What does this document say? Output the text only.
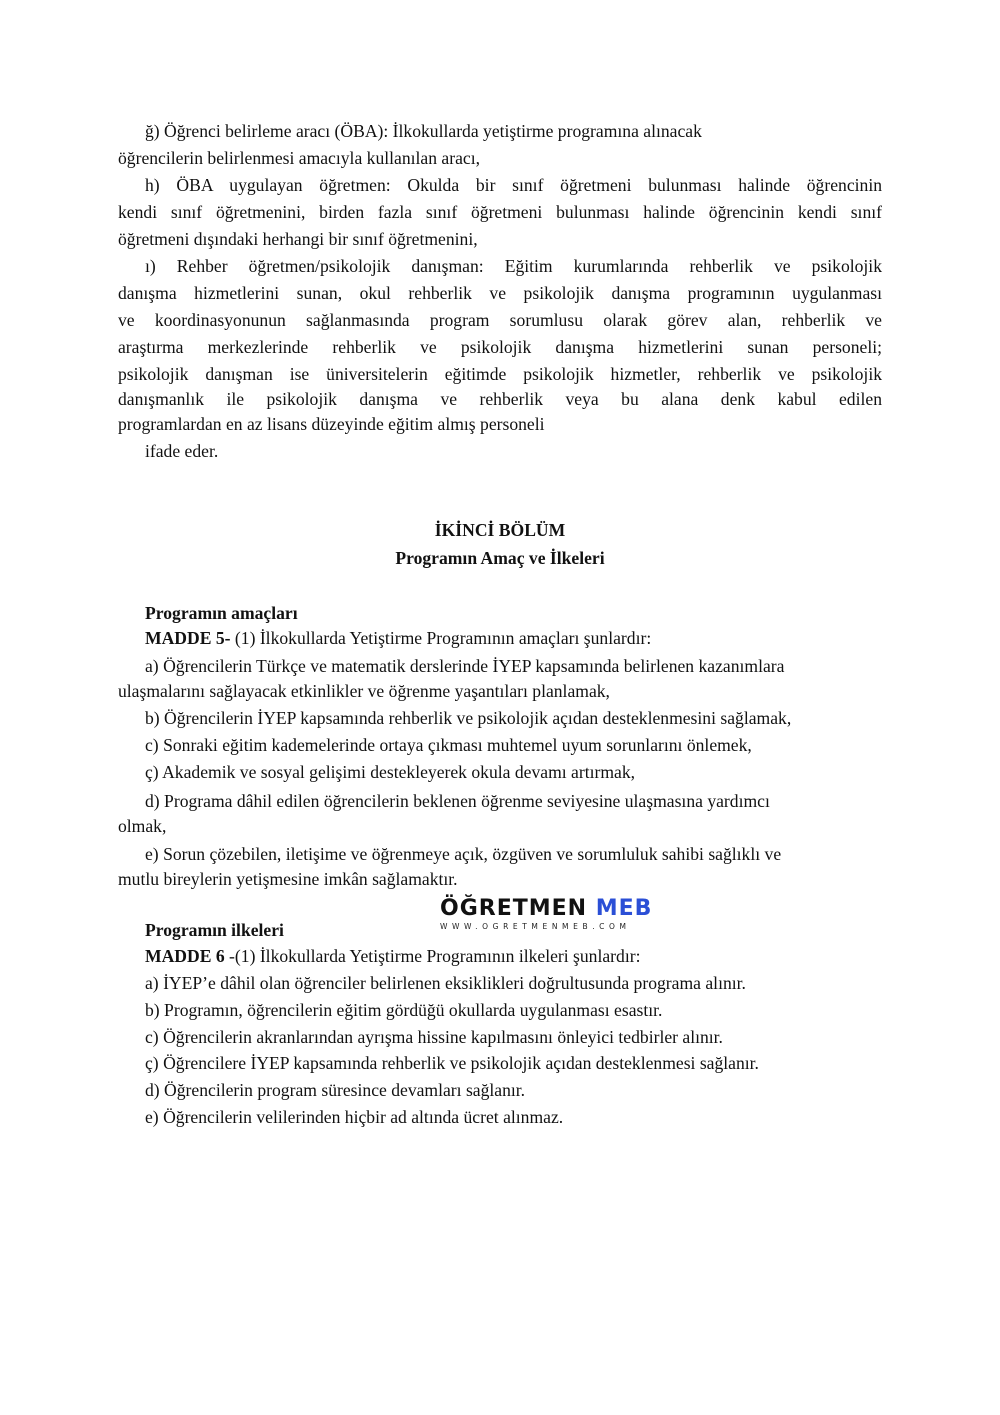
ğ) Öğrenci belirleme aracı (ÖBA): İlkokullarda yetiştirme programına alınacak
öğrencilerin belirlenmesi amacıyla kullanılan aracı,
h) ÖBA uygulayan öğretmen: Okulda bir sınıf öğretmeni bulunması halinde öğrencinin
kendi sınıf öğretmenini, birden fazla sınıf öğretmeni bulunması halinde öğrencinin kendi sınıf
öğretmeni dışındaki herhangi bir sınıf öğretmenini,
ı) Rehber öğretmen/psikolojik danışman: Eğitim kurumlarında rehberlik ve psikolojik
danışma hizmetlerini sunan, okul rehberlik ve psikolojik danışma programının uygulanması
ve koordinasyonunun sağlanmasında program sorumlusu olarak görev alan, rehberlik ve
araştırma merkezlerinde rehberlik ve psikolojik danışma hizmetlerini sunan personeli;
psikolojik danışman ise üniversitelerin eğitimde psikolojik hizmetler, rehberlik ve psikolojik
danışmanlık ile psikolojik danışma ve rehberlik veya bu alana denk kabul edilen
programlardan en az lisans düzeyinde eğitim almış personeli
ifade eder.
İKİNCİ BÖLÜM
Programın Amaç ve İlkeleri
Programın amaçları
MADDE 5- (1) İlkokullarda Yetiştirme Programının amaçları şunlardır:
a) Öğrencilerin Türkçe ve matematik derslerinde İYEP kapsamında belirlenen kazanımlara
ulaşmalarını sağlayacak etkinlikler ve öğrenme yaşantıları planlamak,
b) Öğrencilerin İYEP kapsamında rehberlik ve psikolojik açıdan desteklenmesini sağlamak,
c) Sonraki eğitim kademelerinde ortaya çıkması muhtemel uyum sorunlarını önlemek,
ç) Akademik ve sosyal gelişimi destekleyerek okula devamı artırmak,
d) Programa dâhil edilen öğrencilerin beklenen öğrenme seviyesine ulaşmasına yardımcı
olmak,
e) Sorun çözebilen, iletişime ve öğrenmeye açık, özgüven ve sorumluluk sahibi sağlıklı ve
mutlu bireylerin yetişmesine imkân sağlamaktır.
ÖĞRETMEN MEB
WWW.OGRETMENMEB.COM
Programın ilkeleri
MADDE 6 -(1) İlkokullarda Yetiştirme Programının ilkeleri şunlardır:
a) İYEP’e dâhil olan öğrenciler belirlenen eksiklikleri doğrultusunda programa alınır.
b) Programın, öğrencilerin eğitim gördüğü okullarda uygulanması esastır.
c) Öğrencilerin akranlarından ayrışma hissine kapılmasını önleyici tedbirler alınır.
ç) Öğrencilere İYEP kapsamında rehberlik ve psikolojik açıdan desteklenmesi sağlanır.
d) Öğrencilerin program süresince devamları sağlanır.
e) Öğrencilerin velilerinden hiçbir ad altında ücret alınmaz.
